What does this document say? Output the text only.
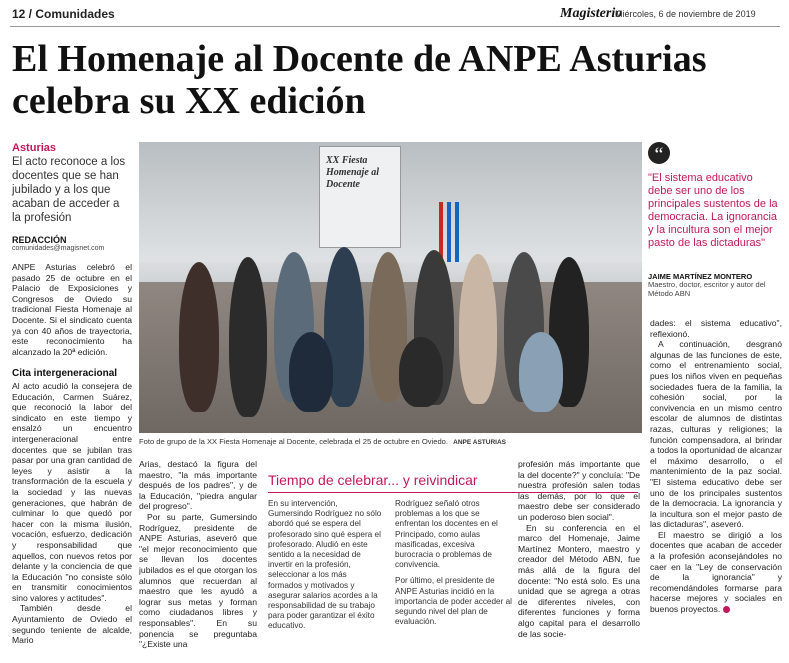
12 / Comunidades	Magisterio
Miércoles, 6 de noviembre de 2019
El Homenaje al Docente de ANPE Asturias celebra su XX edición
Asturias
El acto reconoce a los docentes que se han jubilado y a los que acaban de acceder a la profesión
REDACCIÓN
comunidades@magisnet.com

ANPE Asturias celebró el pasado 25 de octubre en el Palacio de Exposiciones y Congresos de Oviedo su tradicional Fiesta Homenaje al Docente. Si el sindicato cuenta ya con 40 años de trayectoria, este reconocimiento ha alcanzado la 20ª edición.

Cita intergeneracional

Al acto acudió la consejera de Educación, Carmen Suárez, que reconoció la labor del sindicato en este tiempo y ensalzó un encuentro intergeneracional entre docentes que se jubilan tras pasar por una gran cantidad de leyes y asistir a la transformación de la escuela y la sociedad y las nuevas generaciones, que habrán de culminar lo que quedó por hacer con la misma ilusión, vocación, esfuerzo, dedicación y responsabilidad que aquellos, con nuevos retos por delante y la conciencia de que la Educación "no consiste sólo en transmitir conocimientos sino valores y actitudes".

También desde el Ayuntamiento de Oviedo el segundo teniente de alcalde, Mario

XX Fiesta Homenaje al Docente
Foto de grupo de la XX Fiesta Homenaje al Docente, celebrada el 25 de octubre en Oviedo. ANPE ASTURIAS

Arias, destacó la figura del maestro, "la más importante después de los padres", y de la Educación, "piedra angular del progreso".

Por su parte, Gumersindo Rodríguez, presidente de ANPE Asturias, aseveró que "el mejor reconocimiento que se llevan los docentes jubilados es el que otorgan los alumnos que recuerdan al maestro que les ayudó a lograr sus metas y forman como ciudadanos libres y responsables". En su ponencia se preguntaba "¿Existe una

Tiempo de celebrar... y reivindicar

En su intervención, Gumersindo Rodríguez no sólo abordó qué se espera del profesorado sino qué espera el profesorado. Aludió en este sentido a la necesidad de invertir en la profesión, seleccionar a los más formados y motivados y asegurar salarios acordes a la responsabilidad de su trabajo para poder garantizar el éxito educativo.

profesión más importante que la del docente?" y concluía: "De nuestra profesión salen todas las demás, por lo que el maestro debe ser considerado un poderoso bien social".

En su conferencia en el marco del Homenaje, Jaime Martínez Montero, maestro y creador del Método ABN, fue más allá de la figura del docente: "No está solo. Es una unidad que se agrega a otras de diferentes niveles, con diferentes funciones y forma algo capital para el desarrollo de las socie-

Rodríguez señaló otros problemas a los que se enfrentan los docentes en el Principado, como aulas masificadas, excesiva burocracia o problemas de convivencia.

Por último, el presidente de ANPE Asturias incidió en la importancia de poder acceder al segundo nivel del plan de evaluación.

“
"El sistema educativo debe ser uno de los principales sustentos de la democracia. La ignorancia y la incultura son el mejor pasto de las dictaduras"
JAIME MARTÍNEZ MONTERO
Maestro, doctor, escritor y autor del Método ABN

dades: el sistema educativo", reflexionó.

A continuación, desgranó algunas de las funciones de este, como el entrenamiento social, pues los niños viven en pequeñas sociedades fuera de la familia, la cohesión social, por la convivencia en un mismo centro escolar de alumnos de distintas razas, culturas y religiones; la función compensadora, al brindar a todos la oportunidad de alcanzar el máximo desarrollo, o el mantenimiento de la paz social. "El sistema educativo debe ser uno de los principales sustentos de la democracia. La ignorancia y la incultura son el mejor pasto de las dictaduras", aseveró.

El maestro se dirigió a los docentes que acaban de acceder a la profesión aconsejándoles no caer en la "Ley de conservación de la ignorancia" y recomendándoles formarse para hacerse mejores y sociales en buenos proyectos.
